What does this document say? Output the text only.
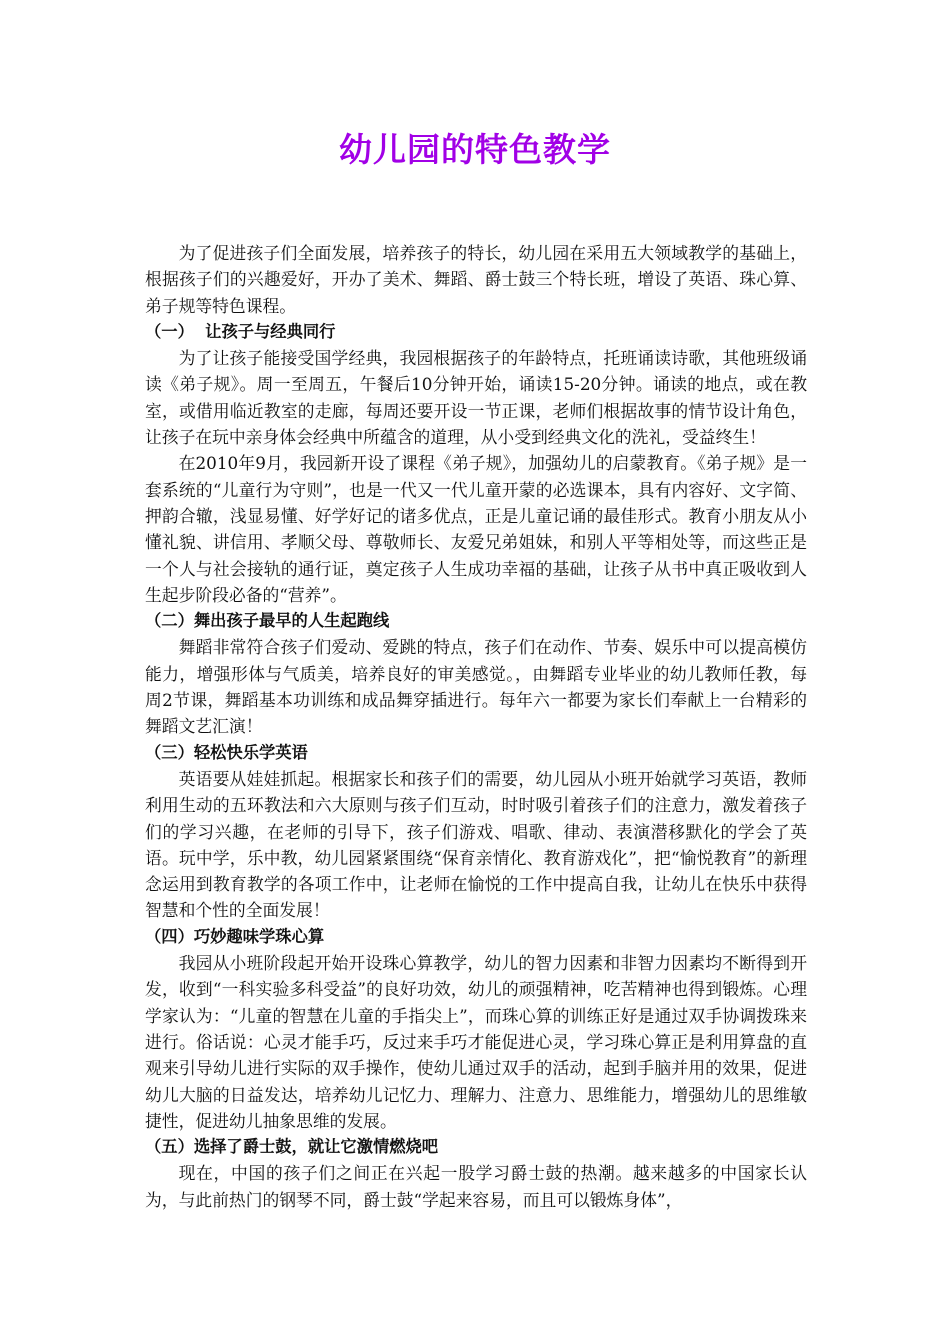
幼儿园的特色教学

为了促进孩子们全面发展，培养孩子的特长，幼儿园在采用五大领域教学的基础上，根据孩子们的兴趣爱好，开办了美术、舞蹈、爵士鼓三个特长班，增设了英语、珠心算、弟子规等特色课程。

（一）  让孩子与经典同行

为了让孩子能接受国学经典，我园根据孩子的年龄特点，托班诵读诗歌，其他班级诵读《弟子规》。周一至周五，午餐后10分钟开始，诵读15-20分钟。诵读的地点，或在教室，或借用临近教室的走廊，每周还要开设一节正课，老师们根据故事的情节设计角色，让孩子在玩中亲身体会经典中所蕴含的道理，从小受到经典文化的洗礼，受益终生！

在2010年9月，我园新开设了课程《弟子规》，加强幼儿的启蒙教育。《弟子规》是一套系统的“儿童行为守则”，也是一代又一代儿童开蒙的必选课本，具有内容好、文字简、押韵合辙，浅显易懂、好学好记的诸多优点，正是儿童记诵的最佳形式。教育小朋友从小懂礼貌、讲信用、孝顺父母、尊敬师长、友爱兄弟姐妹，和别人平等相处等，而这些正是一个人与社会接轨的通行证，奠定孩子人生成功幸福的基础，让孩子从书中真正吸收到人生起步阶段必备的“营养”。

（二）舞出孩子最早的人生起跑线

舞蹈非常符合孩子们爱动、爱跳的特点，孩子们在动作、节奏、娱乐中可以提高模仿能力，增强形体与气质美，培养良好的审美感觉。，由舞蹈专业毕业的幼儿教师任教，每周2节课，舞蹈基本功训练和成品舞穿插进行。每年六一都要为家长们奉献上一台精彩的舞蹈文艺汇演！

（三）轻松快乐学英语

英语要从娃娃抓起。根据家长和孩子们的需要，幼儿园从小班开始就学习英语，教师利用生动的五环教法和六大原则与孩子们互动，时时吸引着孩子们的注意力，激发着孩子们的学习兴趣，在老师的引导下，孩子们游戏、唱歌、律动、表演潜移默化的学会了英语。玩中学，乐中教，幼儿园紧紧围绕“保育亲情化、教育游戏化”，把“愉悦教育”的新理念运用到教育教学的各项工作中，让老师在愉悦的工作中提高自我，让幼儿在快乐中获得智慧和个性的全面发展！

（四）巧妙趣味学珠心算

我园从小班阶段起开始开设珠心算教学，幼儿的智力因素和非智力因素均不断得到开发，收到“一科实验多科受益”的良好功效，幼儿的顽强精神，吃苦精神也得到锻炼。心理学家认为：“儿童的智慧在儿童的手指尖上”，而珠心算的训练正好是通过双手协调拨珠来进行。俗话说：心灵才能手巧，反过来手巧才能促进心灵，学习珠心算正是利用算盘的直观来引导幼儿进行实际的双手操作，使幼儿通过双手的活动，起到手脑并用的效果，促进幼儿大脑的日益发达，培养幼儿记忆力、理解力、注意力、思维能力，增强幼儿的思维敏捷性，促进幼儿抽象思维的发展。

（五）选择了爵士鼓，就让它激情燃烧吧

现在，中国的孩子们之间正在兴起一股学习爵士鼓的热潮。越来越多的中国家长认为，与此前热门的钢琴不同，爵士鼓“学起来容易，而且可以锻炼身体”，
